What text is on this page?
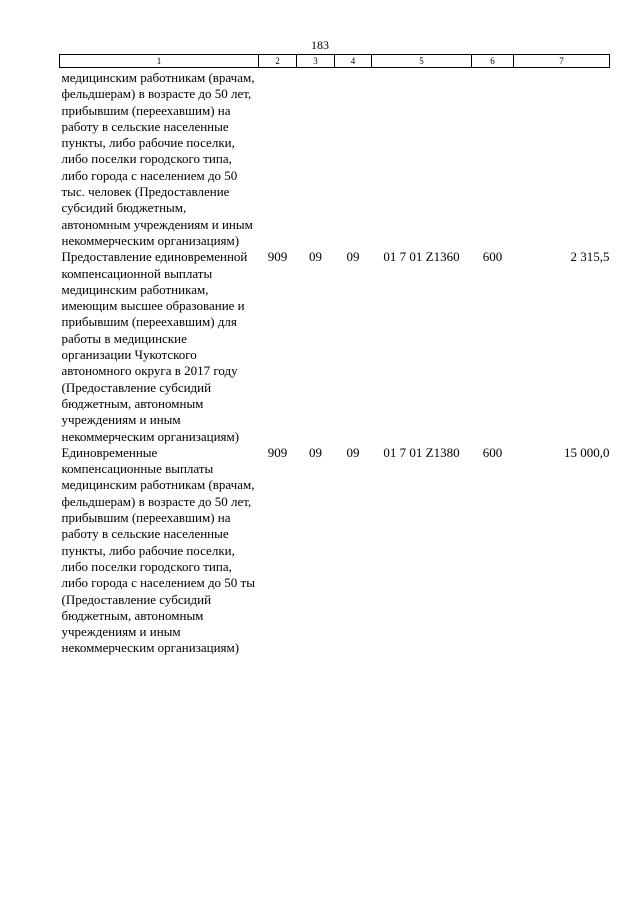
183
1	2	3	4	5	6	7
медицинским работникам (врачам, фельдшерам) в возрасте до 50 лет, прибывшим (переехавшим) на работу в сельские населенные пункты, либо рабочие поселки, либо поселки городского типа, либо города с населением до 50 тыс. человек (Предоставление субсидий бюджетным, автономным учреждениям и иным некоммерческим организациям)						
Предоставление единовременной компенсационной выплаты медицинским работникам, имеющим высшее образование и прибывшим (переехавшим) для работы в медицинские организации Чукотского автономного округа в 2017 году (Предоставление субсидий бюджетным, автономным учреждениям и иным некоммерческим организациям)	909	09	09	01 7 01 Z1360	600	2 315,5
Единовременные компенсационные выплаты медицинским работникам (врачам, фельдшерам) в возрасте до 50 лет, прибывшим (переехавшим) на работу в сельские населенные пункты, либо рабочие поселки, либо поселки городского типа, либо города с населением до 50 ты (Предоставление субсидий бюджетным, автономным учреждениям и иным некоммерческим организациям)	909	09	09	01 7 01 Z1380	600	15 000,0
